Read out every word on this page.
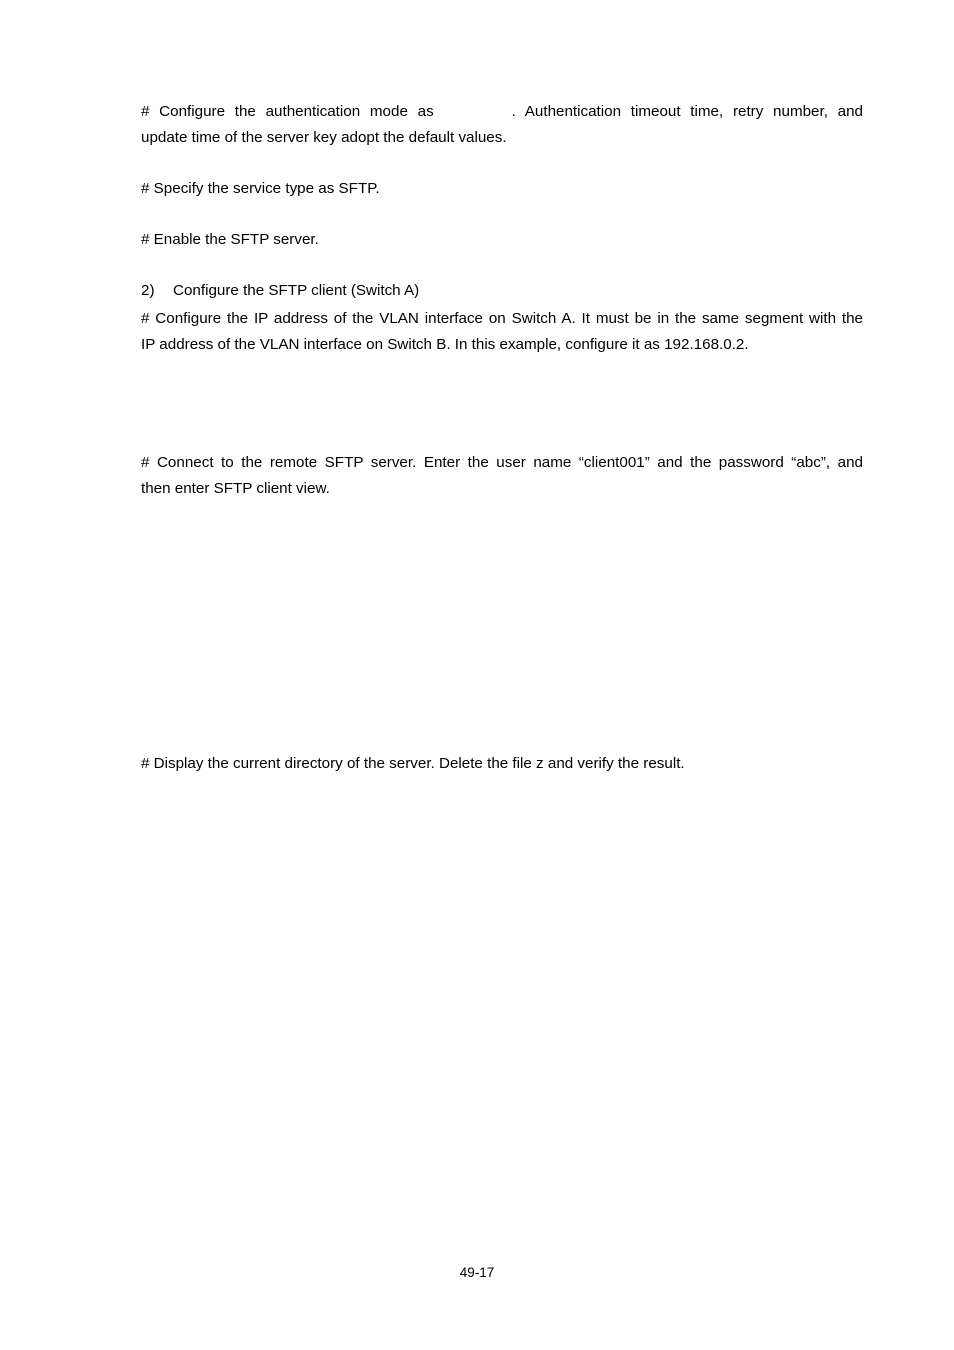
# Configure the authentication mode as	. Authentication timeout time, retry number, and
update time of the server key adopt the default values.
# Specify the service type as SFTP.
# Enable the SFTP server.
2) Configure the SFTP client (Switch A)
# Configure the IP address of the VLAN interface on Switch A. It must be in the same segment with the
IP address of the VLAN interface on Switch B. In this example, configure it as 192.168.0.2.
# Connect to the remote SFTP server. Enter the user name “client001” and the password “abc”, and
then enter SFTP client view.
# Display the current directory of the server. Delete the file z and verify the result.
49-17
